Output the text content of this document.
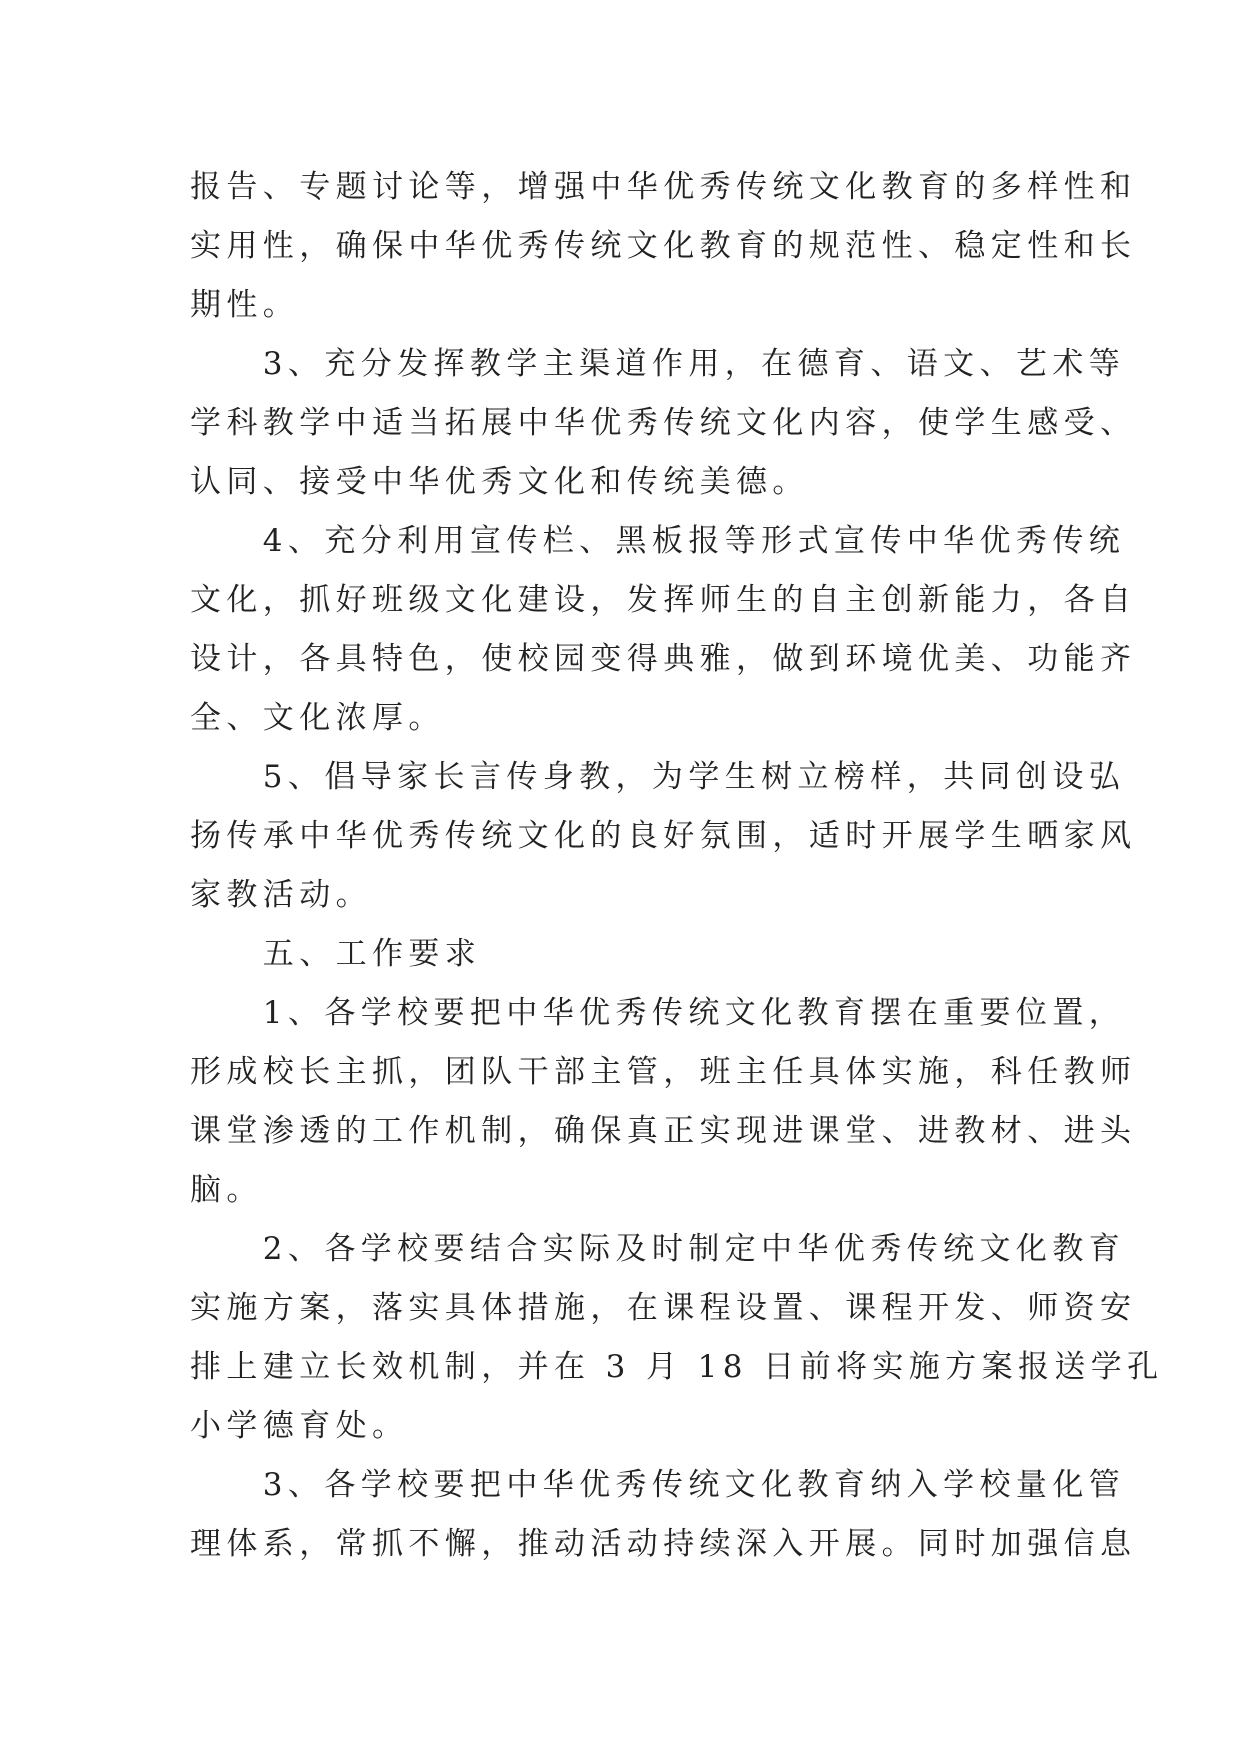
报告、专题讨论等，增强中华优秀传统文化教育的多样性和
实用性，确保中华优秀传统文化教育的规范性、稳定性和长
期性。
　　3、充分发挥教学主渠道作用，在德育、语文、艺术等
学科教学中适当拓展中华优秀传统文化内容，使学生感受、
认同、接受中华优秀文化和传统美德。
　　4、充分利用宣传栏、黑板报等形式宣传中华优秀传统
文化，抓好班级文化建设，发挥师生的自主创新能力，各自
设计，各具特色，使校园变得典雅，做到环境优美、功能齐
全、文化浓厚。
　　5、倡导家长言传身教，为学生树立榜样，共同创设弘
扬传承中华优秀传统文化的良好氛围，适时开展学生晒家风
家教活动。
　　五、工作要求
　　1、各学校要把中华优秀传统文化教育摆在重要位置，
形成校长主抓，团队干部主管，班主任具体实施，科任教师
课堂渗透的工作机制，确保真正实现进课堂、进教材、进头
脑。
　　2、各学校要结合实际及时制定中华优秀传统文化教育
实施方案，落实具体措施，在课程设置、课程开发、师资安
排上建立长效机制，并在 3 月 18 日前将实施方案报送学孔
小学德育处。
　　3、各学校要把中华优秀传统文化教育纳入学校量化管
理体系，常抓不懈，推动活动持续深入开展。同时加强信息
